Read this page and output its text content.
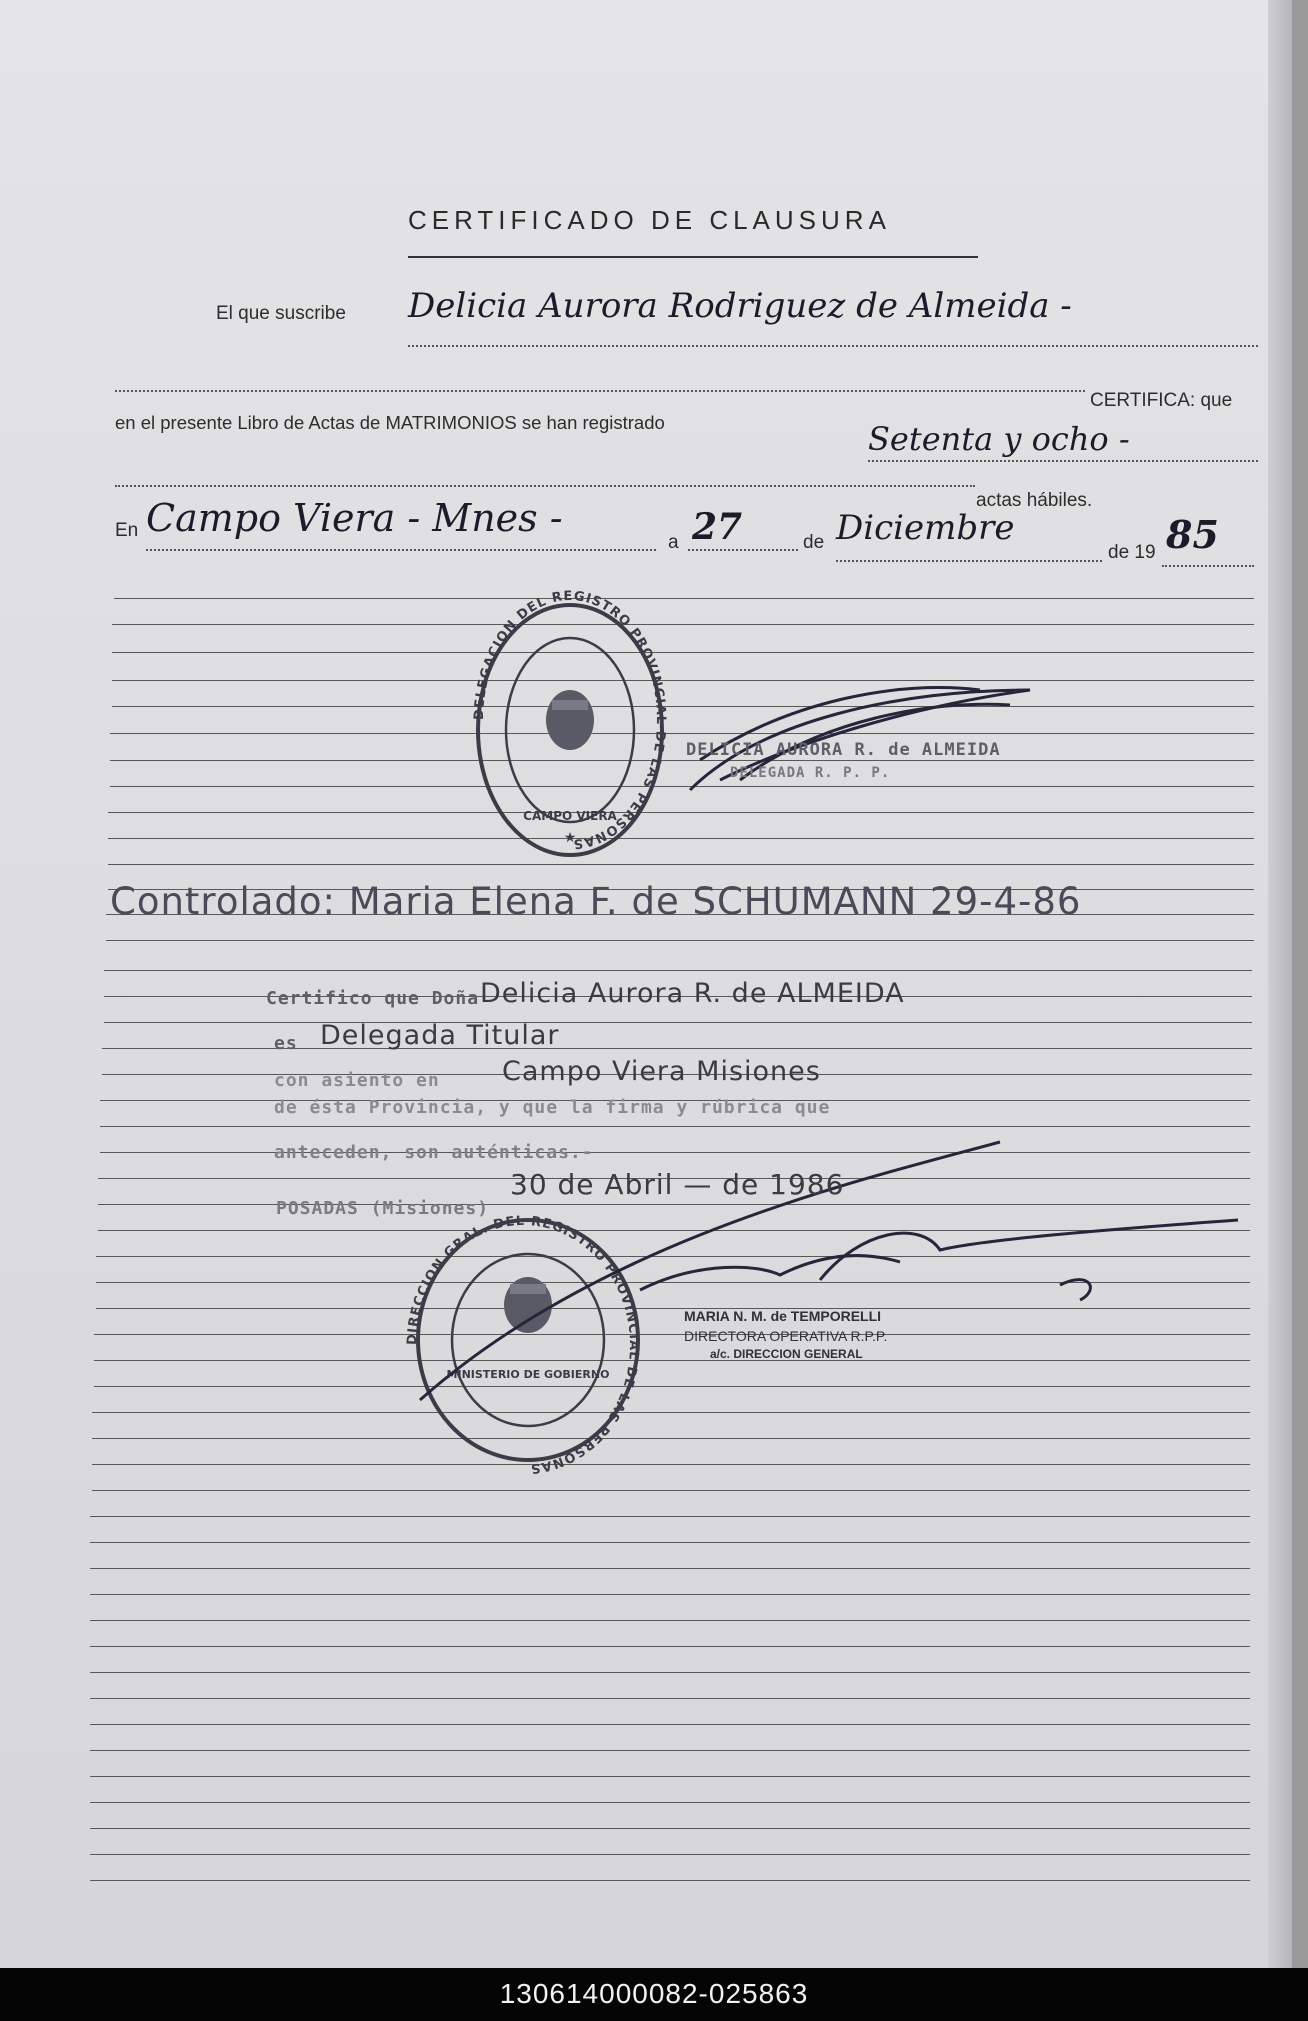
CERTIFICADO DE CLAUSURA
El que suscribe Delicia Aurora Rodriguez de Almeida -
CERTIFICA: que
en el presente Libro de Actas de MATRIMONIOS se han registrado	Setenta y ocho -
actas hábiles.
En Campo Viera - Mnes -
a 27	de Diciembre
de 19 85
DELEGACION DEL REGISTRO PROVINCIAL DE LAS PERSONAS
CAMPO VIERA
★
DIRECCION GRAL. DEL REGISTRO PROVINCIAL DE LAS PERSONAS
MINISTERIO DE GOBIERNO
DELICIA AURORA R. de ALMEIDA
DELEGADA R. P. P.
Controlado: Maria Elena F. de SCHUMANN 29-4-86
Certifico que Doña Delicia Aurora R. de ALMEIDA
es Delegada Titular
con asiento en Campo Viera Misiones
de ésta Provincia, y que la firma y rúbrica que
anteceden, son auténticas.-
30 de Abril — de 1986
POSADAS (Misiones)
MARIA N. M. de TEMPORELLI
DIRECTORA OPERATIVA R.P.P.
a/c. DIRECCION GENERAL
130614000082-025863
